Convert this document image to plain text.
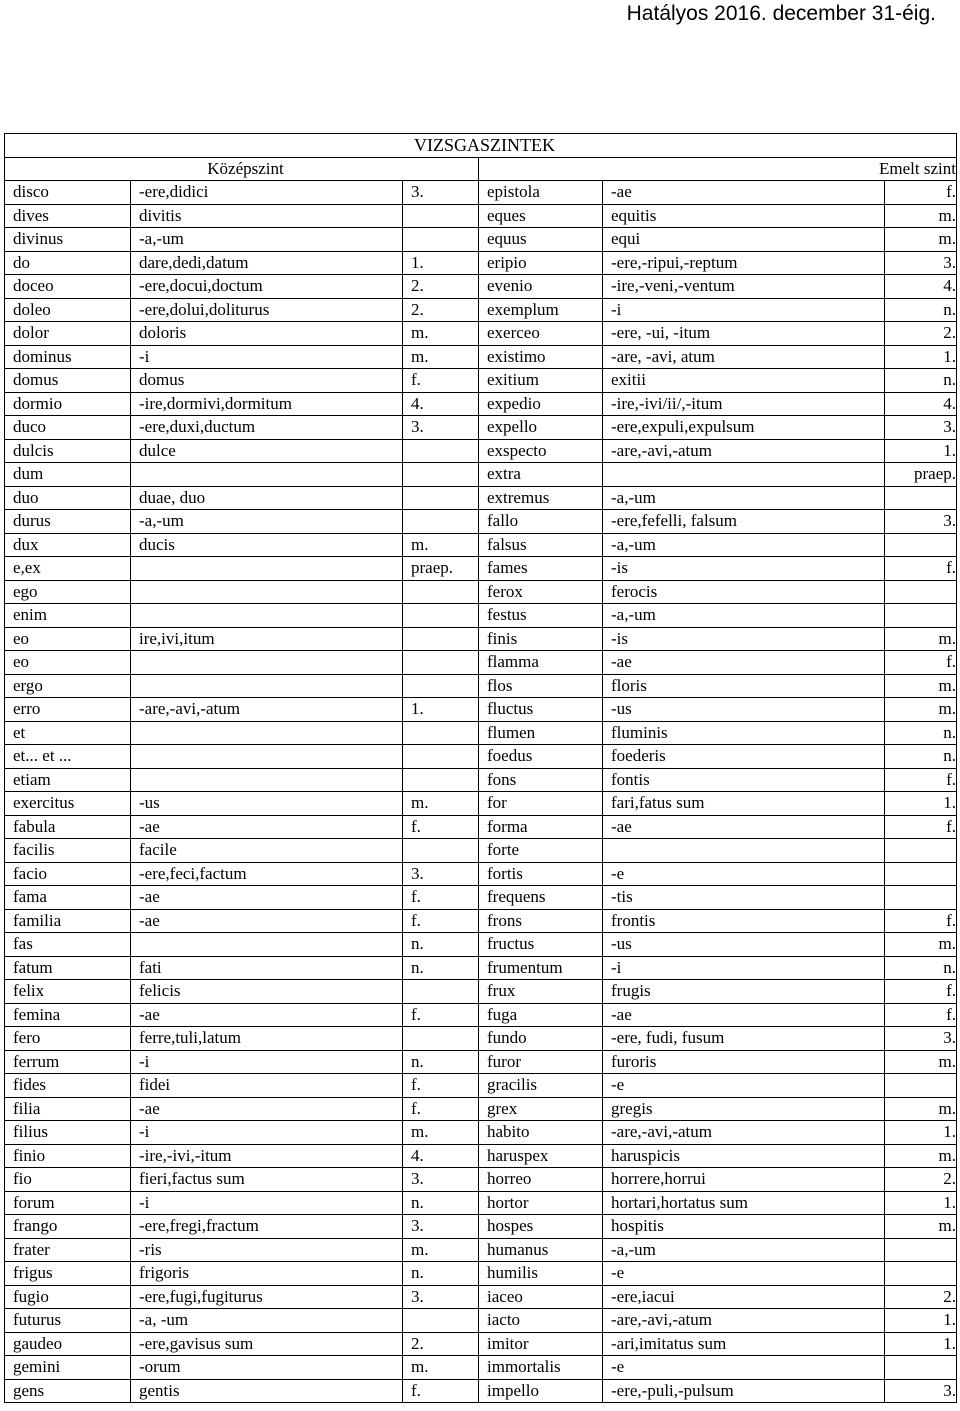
Hatályos 2016. december 31-éig.
VIZSGASZINTEK					
Középszint			Emelt szint		
disco	-ere,didici	3.	epistola	-ae	f.
dives	divitis		eques	equitis	m.
divinus	-a,-um		equus	equi	m.
do	dare,dedi,datum	1.	eripio	-ere,-ripui,-reptum	3.
doceo	-ere,docui,doctum	2.	evenio	-ire,-veni,-ventum	4.
doleo	-ere,dolui,doliturus	2.	exemplum	-i	n.
dolor	doloris	m.	exerceo	-ere, -ui, -itum	2.
dominus	-i	m.	existimo	-are, -avi, atum	1.
domus	domus	f.	exitium	exitii	n.
dormio	-ire,dormivi,dormitum	4.	expedio	-ire,-ivi/ii/,-itum	4.
duco	-ere,duxi,ductum	3.	expello	-ere,expuli,expulsum	3.
dulcis	dulce		exspecto	-are,-avi,-atum	1.
dum			extra		praep.
duo	duae, duo		extremus	-a,-um	
durus	-a,-um		fallo	-ere,fefelli, falsum	3.
dux	ducis	m.	falsus	-a,-um	
e,ex		praep.	fames	-is	f.
ego			ferox	ferocis	
enim			festus	-a,-um	
eo	ire,ivi,itum		finis	-is	m.
eo			flamma	-ae	f.
ergo			flos	floris	m.
erro	-are,-avi,-atum	1.	fluctus	-us	m.
et			flumen	fluminis	n.
et... et ...			foedus	foederis	n.
etiam			fons	fontis	f.
exercitus	-us	m.	for	fari,fatus sum	1.
fabula	-ae	f.	forma	-ae	f.
facilis	facile		forte		
facio	-ere,feci,factum	3.	fortis	-e	
fama	-ae	f.	frequens	-tis	
familia	-ae	f.	frons	frontis	f.
fas		n.	fructus	-us	m.
fatum	fati	n.	frumentum	-i	n.
felix	felicis		frux	frugis	f.
femina	-ae	f.	fuga	-ae	f.
fero	ferre,tuli,latum		fundo	-ere, fudi, fusum	3.
ferrum	-i	n.	furor	furoris	m.
fides	fidei	f.	gracilis	-e	
filia	-ae	f.	grex	gregis	m.
filius	-i	m.	habito	-are,-avi,-atum	1.
finio	-ire,-ivi,-itum	4.	haruspex	haruspicis	m.
fio	fieri,factus sum	3.	horreo	horrere,horrui	2.
forum	-i	n.	hortor	hortari,hortatus sum	1.
frango	-ere,fregi,fractum	3.	hospes	hospitis	m.
frater	-ris	m.	humanus	-a,-um	
frigus	frigoris	n.	humilis	-e	
fugio	-ere,fugi,fugiturus	3.	iaceo	-ere,iacui	2.
futurus	-a, -um		iacto	-are,-avi,-atum	1.
gaudeo	-ere,gavisus sum	2.	imitor	-ari,imitatus sum	1.
gemini	-orum	m.	immortalis	-e	
gens	gentis	f.	impello	-ere,-puli,-pulsum	3.
